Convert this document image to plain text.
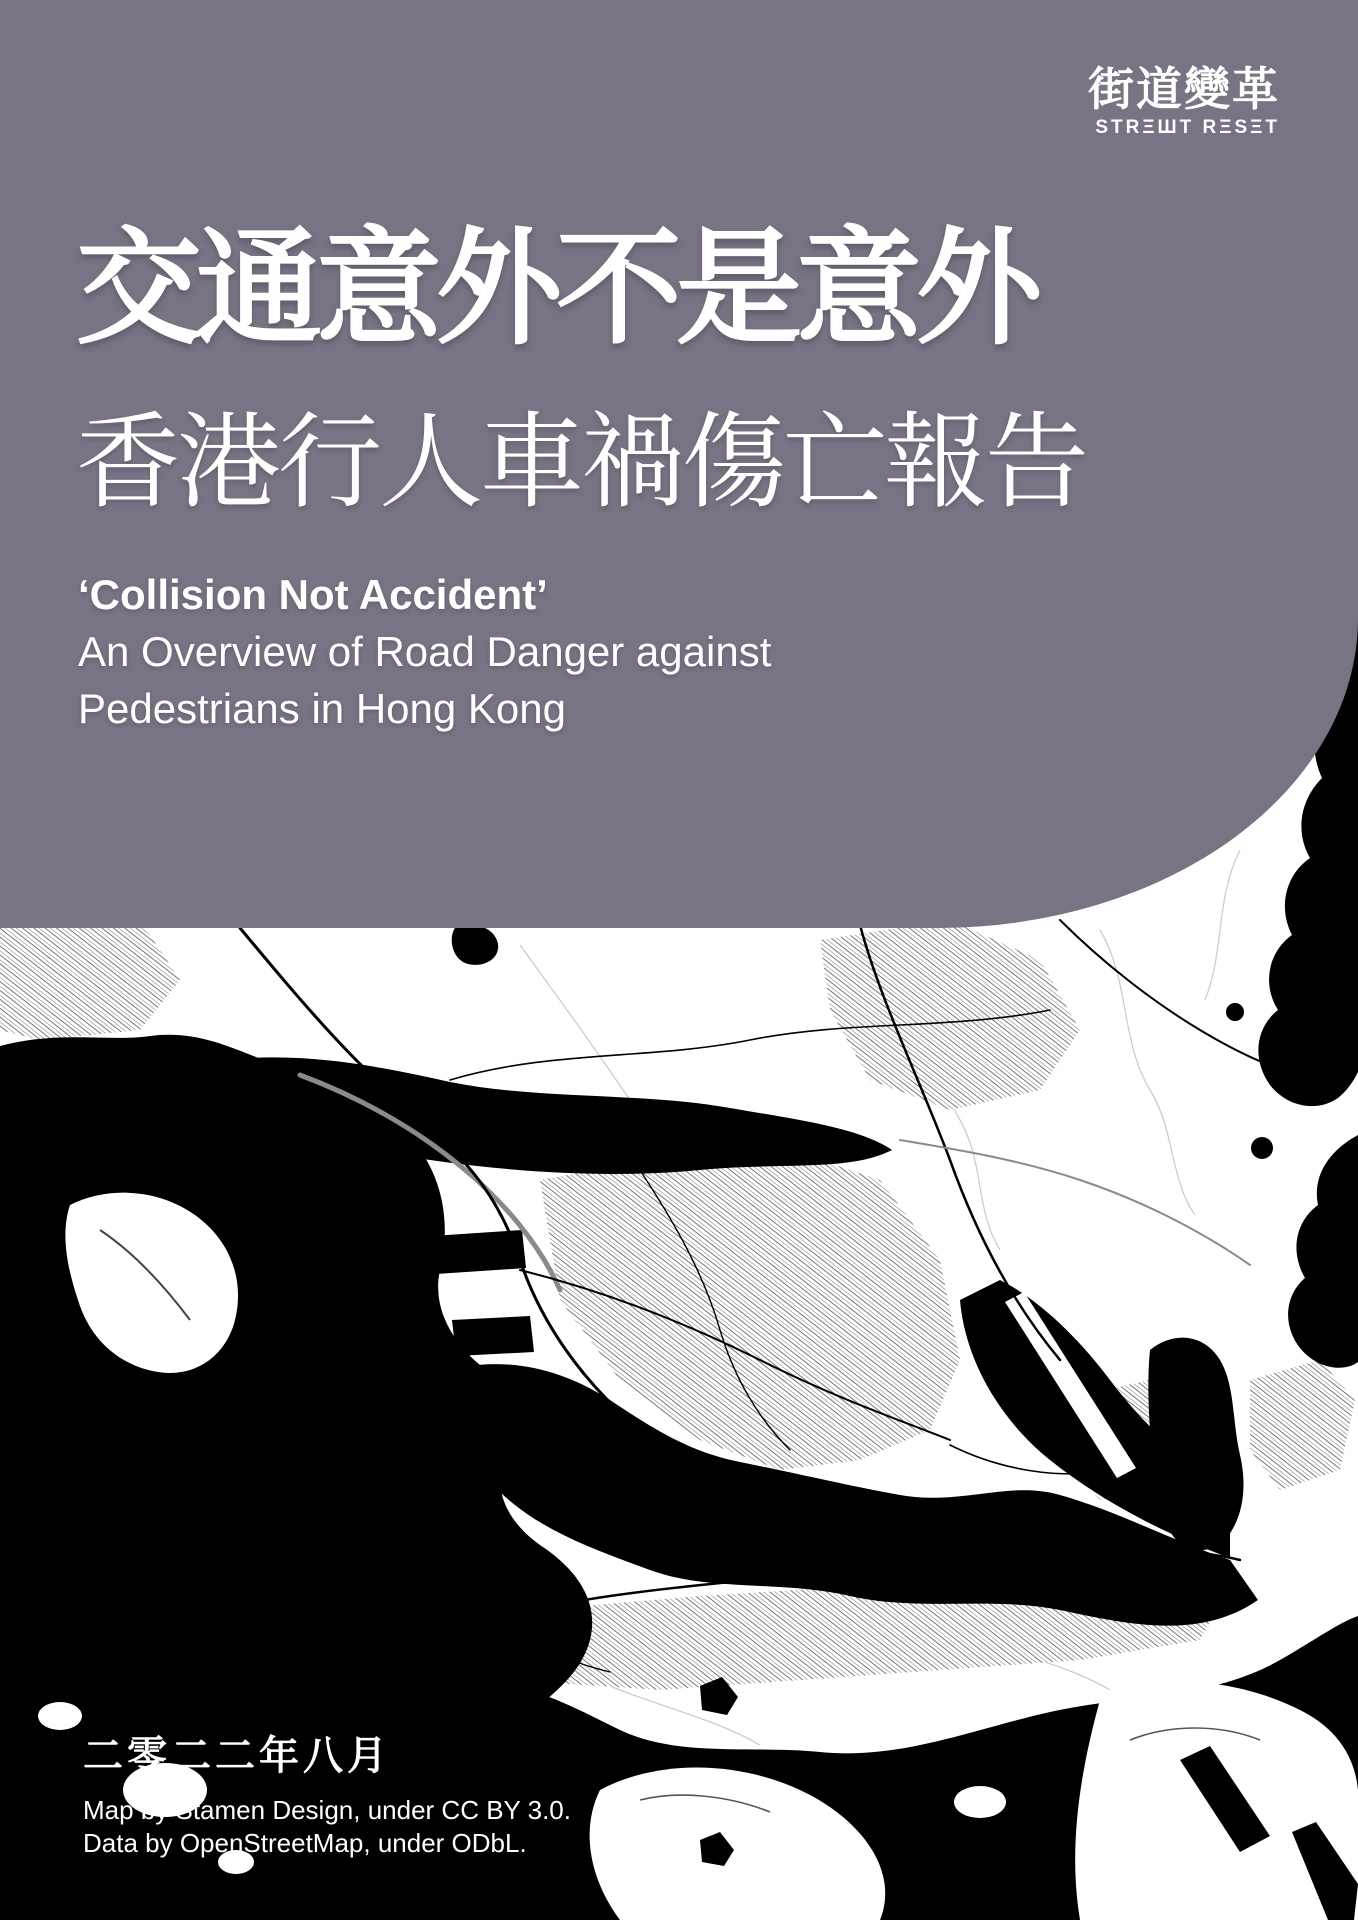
街道變革
STRΞШT RΞSΞT
交通意外不是意外
香港行人車禍傷亡報告
‘Collision Not Accident’
An Overview of Road Danger against
Pedestrians in Hong Kong
二零二二年八月
Map by Stamen Design, under CC BY 3.0.
Data by OpenStreetMap, under ODbL.
